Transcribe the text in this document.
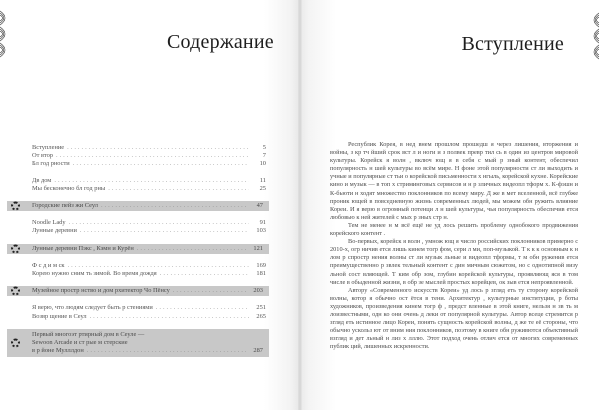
Содержание
Вступление . . .	5
От втор . . .	7
Бл год рности . . .	10
Дв дом . . .	11
Мы бесконечно бл год рны . . .	25
Городские пейз жи Сеул . . .	47
Noodle Lady . . .	91
Лунные деревни . . .	103
Лунные деревни Пэкс , Кэмн и Курён . . .	121
Ф с д и м ск . . .	169
Корею нужно сним ть зимой. Во время дождя . . .	181
Музейное простр нство и дом рхитектор Чо Пёнсу . . .	203
Я верю, что людям следует быть р стениями . . .	251
Возвр щение в Сеул . . .	265
Первый многоэт ртирный дом в Сеуле —
Sewoon Arcade и ст рые м стерские
в р йоне Мулллдон . . .	287
Вступление

Республик Корея, в нед внем прошлом прошедш я через лишения, вторжения и войны, з кр тч йший срок вст л и ноги и з полвек превр тил сь в один из центров мировой культуры. Корейск я волн , включ ющ я в себя с мый р зный контент, обеспечил популярность н шей культуры во всём мире. Н фоне этой популярности ст ли выходить и учные и популярные ст тьи о корейской письменности х нгыль, корейской кухне. Корейские кино и музык — в топ х стриминговых сервисов и н р зличных видеопл тформ х. К-фэшн и К-бьюти н ходят множество поклонников по всему миру. Д же в мет вселенной, всё глубже проник ющей в повседневную жизнь современных людей, мы можем обн ружить влияние Кореи. И я верю в огромный потенци л н шей культуры, чья популярность обеспечив ется любовью к ней жителей с мых р зных стр н.

Тем не менее н м всё ещё не уд лось решить проблему однобокого продвижения корейского контент .

Во-первых, корейск я волн , умнож ющ я число российских поклонников примерно с 2010-х, огр ничив ется лишь кинем тогр фом, сери л ми, поп-музыкой. Т к к к основным к н лом р спростр нения волны ст ли музык льные и видеопл тформы, т м обн руженив ется преимущественно р звлек тельный контент с дин мичным сюжетом, но с однотипной визу льной сост вляющей. Т ким обр зом, глубин корейской культуры, проявляющ яся в том числе в обыденной жизни, в обр зе мыслей простых корейцев, ок зыв ется непроявленной.

Автору «Современного искусств Кореи» уд лось р згляд еть ту сторону корейской волны, котор я обычно ост ётся в тени. Архитектур , культурные институции, р боты художников, произведения кинем тогр ф , предст вленные в этой книге, нельзя н зв ть м лоизвестными, одн ко они очень д леки от популярной культуры. Автор всеце стремится р згляд еть истинное лицо Кореи, понять сущность корейской волны, д же те её стороны, что обычно ускольз ют от вним ния поклонников, поэтому в книге обн руживются объективный взгляд и дет льный н лиз х лллю. Этот подход очень отлич ется от многих современных публик ций, лишенных искренности.
